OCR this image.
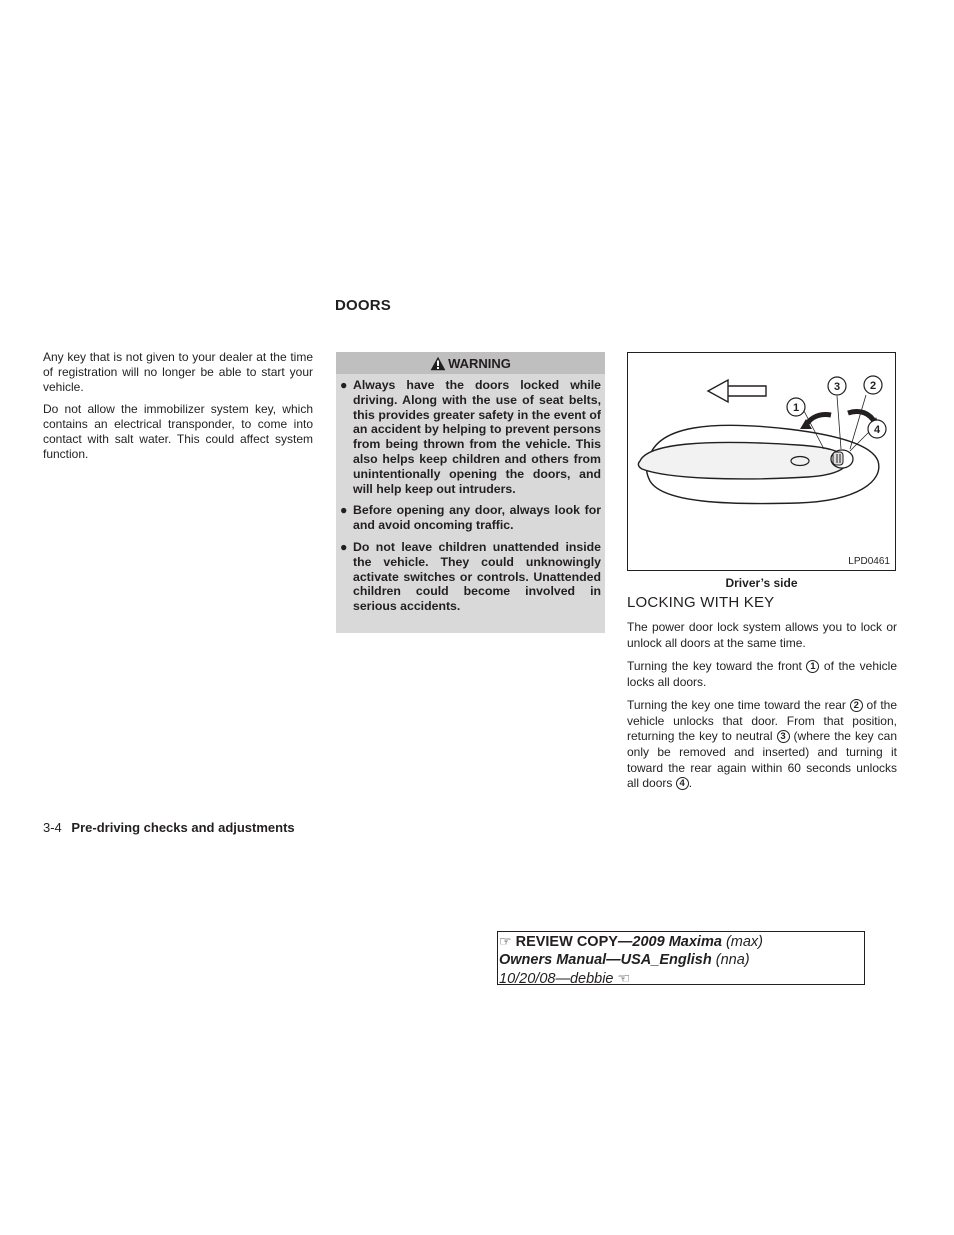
DOORS

Any key that is not given to your dealer at the time of registration will no longer be able to start your vehicle.

Do not allow the immobilizer system key, which contains an electrical transponder, to come into contact with salt water. This could affect system function.

WARNING
● Always have the doors locked while driving. Along with the use of seat belts, this provides greater safety in the event of an accident by helping to prevent persons from being thrown from the vehicle. This also helps keep children and others from unintentionally opening the doors, and will help keep out intruders.
● Before opening any door, always look for and avoid oncoming traffic.
● Do not leave children unattended inside the vehicle. They could unknowingly activate switches or controls. Unattended children could become involved in serious accidents.
1
3	2
4
LPD0461
Driver’s side
LOCKING WITH KEY

The power door lock system allows you to lock or unlock all doors at the same time.

Turning the key toward the front 1 of the vehicle locks all doors.

Turning the key one time toward the rear 2 of the vehicle unlocks that door. From that position, returning the key to neutral 3 (where the key can only be removed and inserted) and turning it toward the rear again within 60 seconds unlocks all doors 4 .

3-4 Pre-driving checks and adjustments
☞ REVIEW COPY—2009 Maxima (max)
Owners Manual—USA_English (nna)
10/20/08—debbie ☜
